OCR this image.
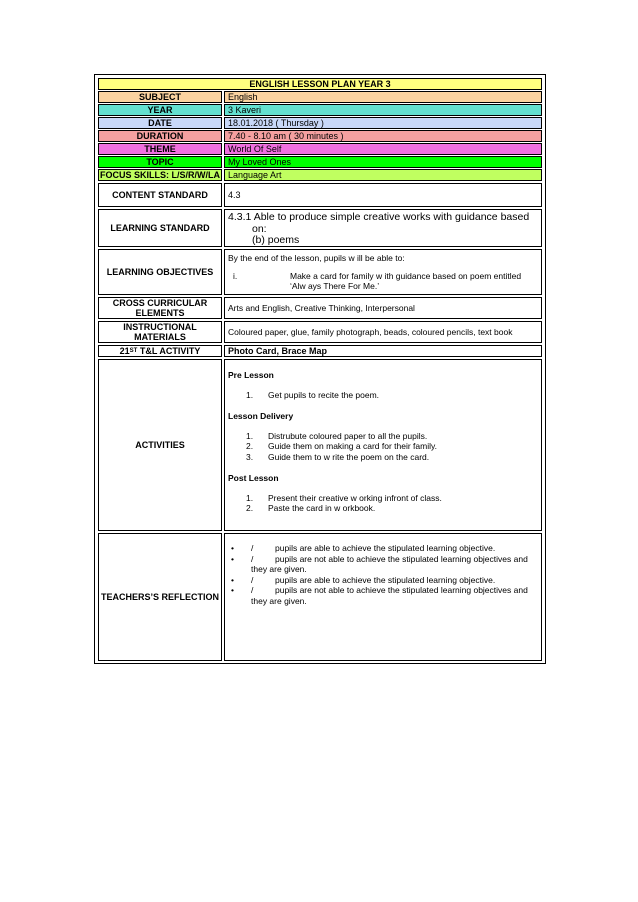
ENGLISH LESSON PLAN YEAR 3
SUBJECT	English
YEAR	3 Kaveri
DATE	18.01.2018 ( Thursday )
DURATION	7.40 - 8.10 am ( 30 minutes )
THEME	World Of Self
TOPIC	My Loved Ones
FOCUS SKILLS: L/S/R/W/LA Language Art
CONTENT STANDARD	4.3
LEARNING STANDARD
4.3.1 Able to produce simple creative works with guidance based
on:
(b) poems
LEARNING OBJECTIVES
By the end of the lesson, pupils w ill be able to:
i.	Make a card for family w ith guidance based on poem entitled
‘Alw ays There For Me.’
CROSS CURRICULAR
ELEMENTS	Arts and English, Creative Thinking, Interpersonal
INSTRUCTIONAL
MATERIALS	Coloured paper, glue, family photograph, beads, coloured pencils, text book
21 ST T&L ACTIVITY	Photo Card, Brace Map
ACTIVITIES
Pre Lesson
1.	Get pupils to recite the poem.
Lesson Delivery
1.	Distrubute coloured paper to all the pupils.
2.	Guide them on making a card for their family.
3.	Guide them to w rite the poem on the card.
Post Lesson
1.	Present their creative w orking infront of class.
2.	Paste the card in w orkbook.
TEACHERS’S REFLECTION
•	/	pupils are able to achieve the stipulated learning objective.
•	/	pupils are not able to achieve the stipulated learning objectives and
they are given.
•	/	pupils are able to achieve the stipulated learning objective.
•	/	pupils are not able to achieve the stipulated learning objectives and
they are given.
